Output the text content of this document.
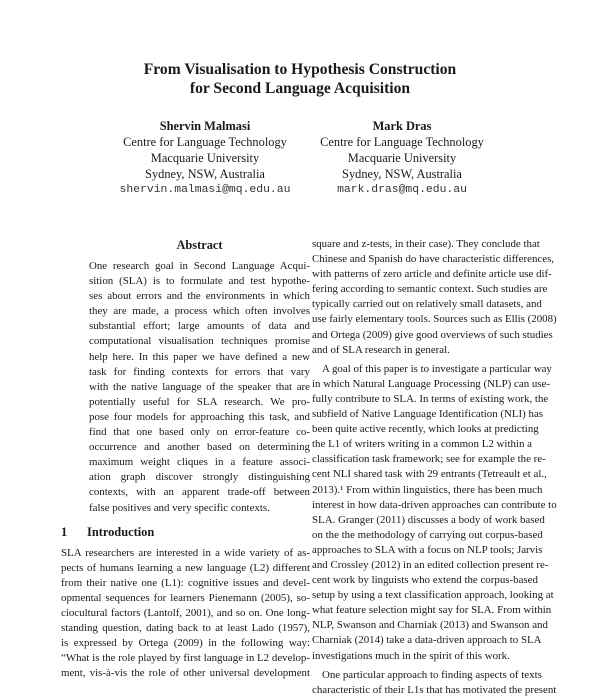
From Visualisation to Hypothesis Construction
for Second Language Acquisition
Shervin Malmasi
Centre for Language Technology
Macquarie University
Sydney, NSW, Australia
shervin.malmasi@mq.edu.au
Mark Dras
Centre for Language Technology
Macquarie University
Sydney, NSW, Australia
mark.dras@mq.edu.au
Abstract
One research goal in Second Language Acqui-
sition (SLA) is to formulate and test hypothe-
ses about errors and the environments in which
they are made, a process which often involves
substantial effort; large amounts of data and
computational visualisation techniques promise
help here. In this paper we have defined a new
task for finding contexts for errors that vary
with the native language of the speaker that are
potentially useful for SLA research. We pro-
pose four models for approaching this task, and
find that one based only on error-feature co-
occurrence and another based on determining
maximum weight cliques in a feature associ-
ation graph discover strongly distinguishing
contexts, with an apparent trade-off between
false positives and very specific contexts.
1 Introduction
SLA researchers are interested in a wide variety of as-
pects of humans learning a new language (L2) different
from their native one (L1): cognitive issues and devel-
opmental sequences for learners Pienemann (2005), so-
ciocultural factors (Lantolf, 2001), and so on. One long-
standing question, dating back to at least Lado (1957),
is expressed by Ortega (2009) in the following way:
“What is the role played by first language in L2 develop-
ment, vis-à-vis the role of other universal development
square and z-tests, in their case). They conclude that
Chinese and Spanish do have characteristic differences,
with patterns of zero article and definite article use dif-
fering according to semantic context. Such studies are
typically carried out on relatively small datasets, and
use fairly elementary tools. Sources such as Ellis (2008)
and Ortega (2009) give good overviews of such studies
and of SLA research in general.
A goal of this paper is to investigate a particular way
in which Natural Language Processing (NLP) can use-
fully contribute to SLA. In terms of existing work, the
subfield of Native Language Identification (NLI) has
been quite active recently, which looks at predicting
the L1 of writers writing in a common L2 within a
classification task framework; see for example the re-
cent NLI shared task with 29 entrants (Tetreault et al.,
2013).¹ From within linguistics, there has been much
interest in how data-driven approaches can contribute to
SLA. Granger (2011) discusses a body of work based
on the the methodology of carrying out corpus-based
approaches to SLA with a focus on NLP tools; Jarvis
and Crossley (2012) in an edited collection present re-
cent work by linguists who extend the corpus-based
setup by using a text classification approach, looking at
what feature selection might say for SLA. From within
NLP, Swanson and Charniak (2013) and Swanson and
Charniak (2014) take a data-driven approach to SLA
investigations much in the spirit of this work.
One particular approach to finding aspects of texts
characteristic of their L1s that has motivated the present
